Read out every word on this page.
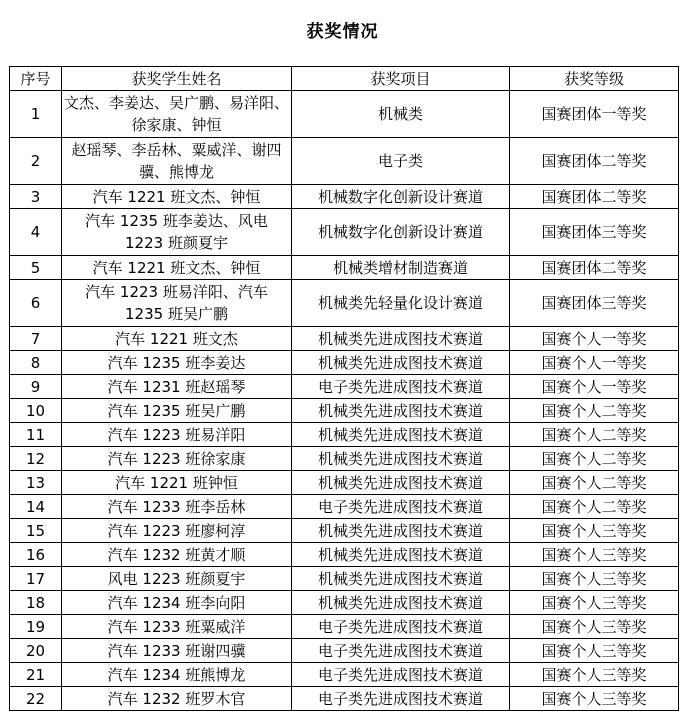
获奖情况
序号	获奖学生姓名	获奖项目	获奖等级
1	文杰、李姜达、吴广鹏、易洋阳、徐家康、钟恒	机械类	国赛团体一等奖
2	赵瑶琴、李岳林、粟威洋、谢四骥、熊博龙	电子类	国赛团体二等奖
3	汽车 1221 班文杰、钟恒	机械数字化创新设计赛道	国赛团体二等奖
4	汽车 1235 班李姜达、风电 1223 班颜夏宇	机械数字化创新设计赛道	国赛团体三等奖
5	汽车 1221 班文杰、钟恒	机械类增材制造赛道	国赛团体二等奖
6	汽车 1223 班易洋阳、汽车 1235 班吴广鹏	机械类先轻量化设计赛道	国赛团体三等奖
7	汽车 1221 班文杰	机械类先进成图技术赛道	国赛个人一等奖
8	汽车 1235 班李姜达	机械类先进成图技术赛道	国赛个人一等奖
9	汽车 1231 班赵瑶琴	电子类先进成图技术赛道	国赛个人一等奖
10	汽车 1235 班吴广鹏	机械类先进成图技术赛道	国赛个人二等奖
11	汽车 1223 班易洋阳	机械类先进成图技术赛道	国赛个人二等奖
12	汽车 1223 班徐家康	机械类先进成图技术赛道	国赛个人二等奖
13	汽车 1221 班钟恒	机械类先进成图技术赛道	国赛个人二等奖
14	汽车 1233 班李岳林	电子类先进成图技术赛道	国赛个人二等奖
15	汽车 1223 班廖柯淳	机械类先进成图技术赛道	国赛个人三等奖
16	汽车 1232 班黄才顺	机械类先进成图技术赛道	国赛个人三等奖
17	风电 1223 班颜夏宇	机械类先进成图技术赛道	国赛个人三等奖
18	汽车 1234 班李向阳	机械类先进成图技术赛道	国赛个人三等奖
19	汽车 1233 班粟威洋	电子类先进成图技术赛道	国赛个人三等奖
20	汽车 1233 班谢四骥	电子类先进成图技术赛道	国赛个人三等奖
21	汽车 1234 班熊博龙	电子类先进成图技术赛道	国赛个人三等奖
22	汽车 1232 班罗木官	电子类先进成图技术赛道	国赛个人三等奖
